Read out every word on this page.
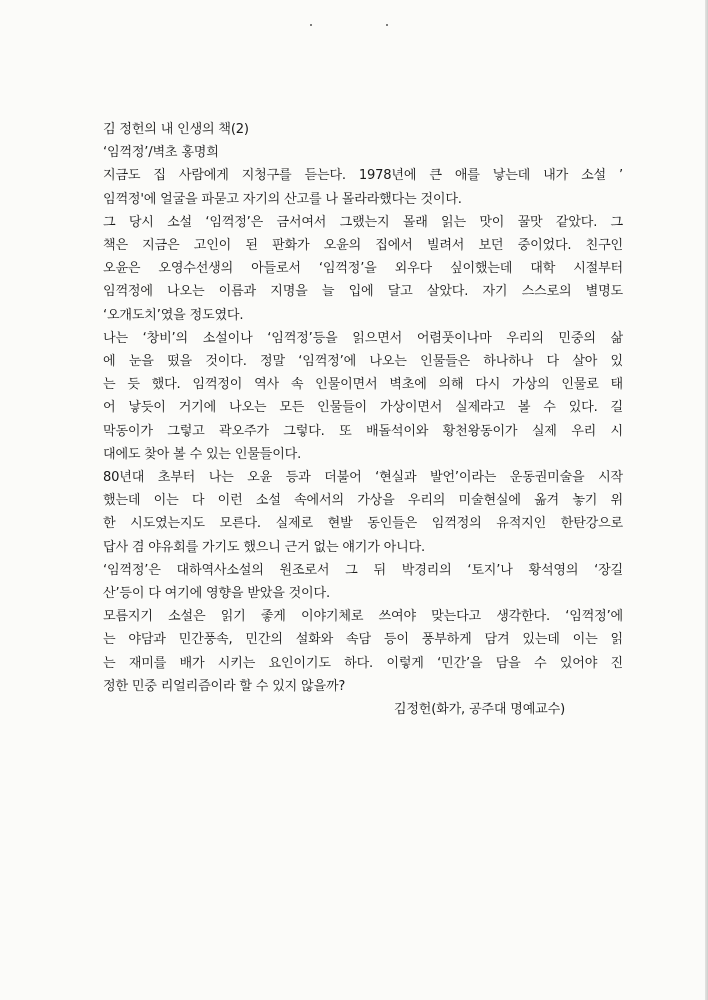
김 정헌의 내 인생의 책(2)
‘임꺽정’/벽초 홍명희
지금도 집 사람에게 지청구를 듣는다. 1978년에 큰 애를 낳는데 내가 소설 ’
임꺽정'에 얼굴을 파묻고 자기의 산고를 나 몰라라했다는 것이다.
그 당시 소설 ‘임꺽정’은 금서여서 그랬는지 몰래 읽는 맛이 꿀맛 같았다. 그
책은 지금은 고인이 된 판화가 오윤의 집에서 빌려서 보던 중이었다. 친구인
오윤은 오영수선생의 아들로서 ‘임꺽정’을 외우다 싶이했는데 대학 시절부터
임꺽정에 나오는 이름과 지명을 늘 입에 달고 살았다. 자기 스스로의 별명도
‘오개도치’였을 정도였다.
나는 ‘창비’의 소설이나 ‘임꺽정’등을 읽으면서 어렴풋이나마 우리의 민중의 삶
에 눈을 떴을 것이다. 정말 ‘임꺽정’에 나오는 인물들은 하나하나 다 살아 있
는 듯 했다. 임꺽정이 역사 속 인물이면서 벽초에 의해 다시 가상의 인물로 태
어 낳듯이 거기에 나오는 모든 인물들이 가상이면서 실제라고 볼 수 있다. 길
막동이가 그렇고 곽오주가 그렇다. 또 배돌석이와 황천왕동이가 실제 우리 시
대에도 찾아 볼 수 있는 인물들이다.
80년대 초부터 나는 오윤 등과 더불어 ‘현실과 발언’이라는 운동권미술을 시작
했는데 이는 다 이런 소설 속에서의 가상을 우리의 미술현실에 옮겨 놓기 위
한 시도였는지도 모른다. 실제로 현발 동인들은 임꺽정의 유적지인 한탄강으로
답사 겸 야유회를 가기도 했으니 근거 없는 얘기가 아니다.
‘임꺽정’은 대하역사소설의 원조로서 그 뒤 박경리의 ‘토지’나 황석영의 ‘장길
산’등이 다 여기에 영향을 받았을 것이다.
모름지기 소설은 읽기 좋게 이야기체로 쓰여야 맞는다고 생각한다. ‘임꺽정’에
는 야담과 민간풍속, 민간의 설화와 속담 등이 풍부하게 담겨 있는데 이는 읽
는 재미를 배가 시키는 요인이기도 하다. 이렇게 ‘민간’을 담을 수 있어야 진
정한 민중 리얼리즘이라 할 수 있지 않을까?
김정헌(화가, 공주대 명예교수)
